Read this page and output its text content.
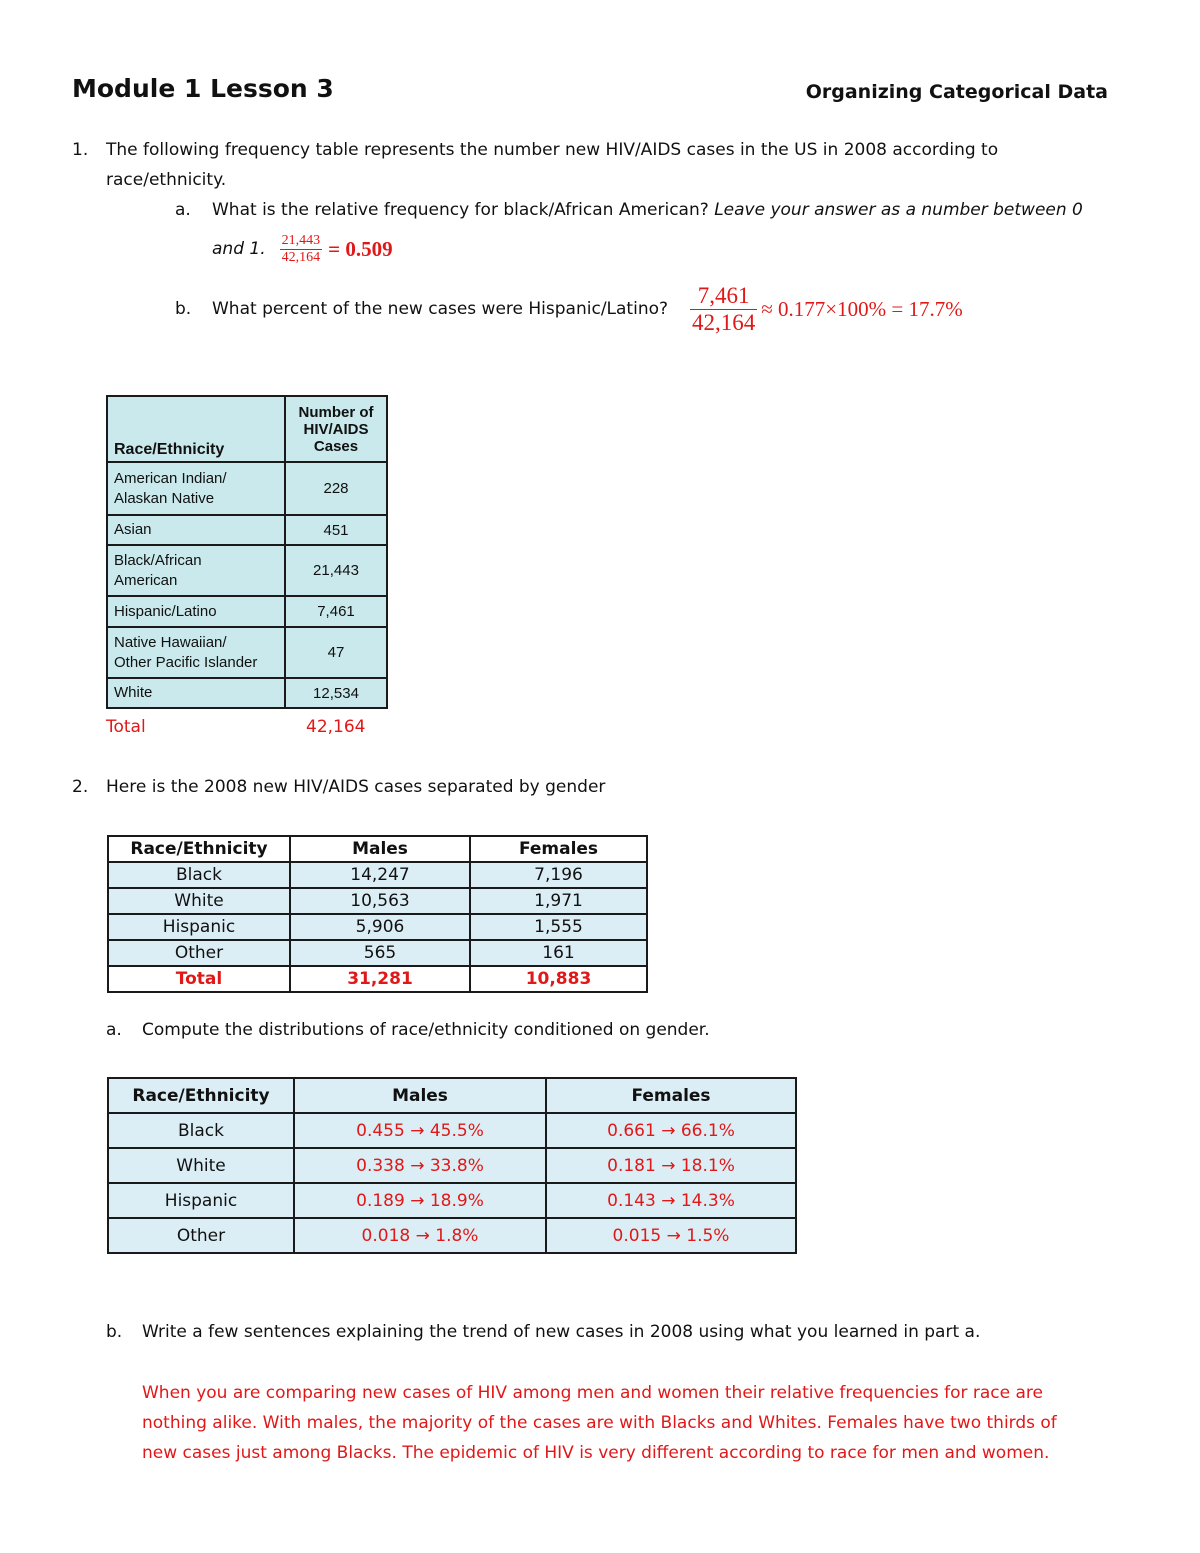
Module 1 Lesson 3	Organizing Categorical Data
1. The following frequency table represents the number new HIV/AIDS cases in the US in 2008 according to
race/ethnicity.
a. What is the relative frequency for black/African American? Leave your answer as a number between 0
and 1. $\frac{21,443}{42,164} = 0.509$
b. What percent of the new cases were Hispanic/Latino? $\frac{7,461}{42,164} \approx 0.177\times 100\% = 17.7\%$
Race/Ethnicity	Number of HIV/AIDS Cases
American Indian/
Alaskan Native	228
Asian	451
Black/African
American	21,443
Hispanic/Latino	7,461
Native Hawaiian/
Other Pacific Islander	47
White	12,534
Total	42,164
2. Here is the 2008 new HIV/AIDS cases separated by gender
Race/Ethnicity	Males	Females
Black	14,247	7,196
White	10,563	1,971
Hispanic	5,906	1,555
Other	565	161
Total	31,281	10,883
a. Compute the distributions of race/ethnicity conditioned on gender.
Race/Ethnicity	Males	Females
Black	0.455 → 45.5%	0.661 → 66.1%
White	0.338 → 33.8%	0.181 → 18.1%
Hispanic	0.189 → 18.9%	0.143 → 14.3%
Other	0.018 → 1.8%	0.015 → 1.5%
b. Write a few sentences explaining the trend of new cases in 2008 using what you learned in part a.
When you are comparing new cases of HIV among men and women their relative frequencies for race are
nothing alike. With males, the majority of the cases are with Blacks and Whites. Females have two thirds of
new cases just among Blacks. The epidemic of HIV is very different according to race for men and women.
